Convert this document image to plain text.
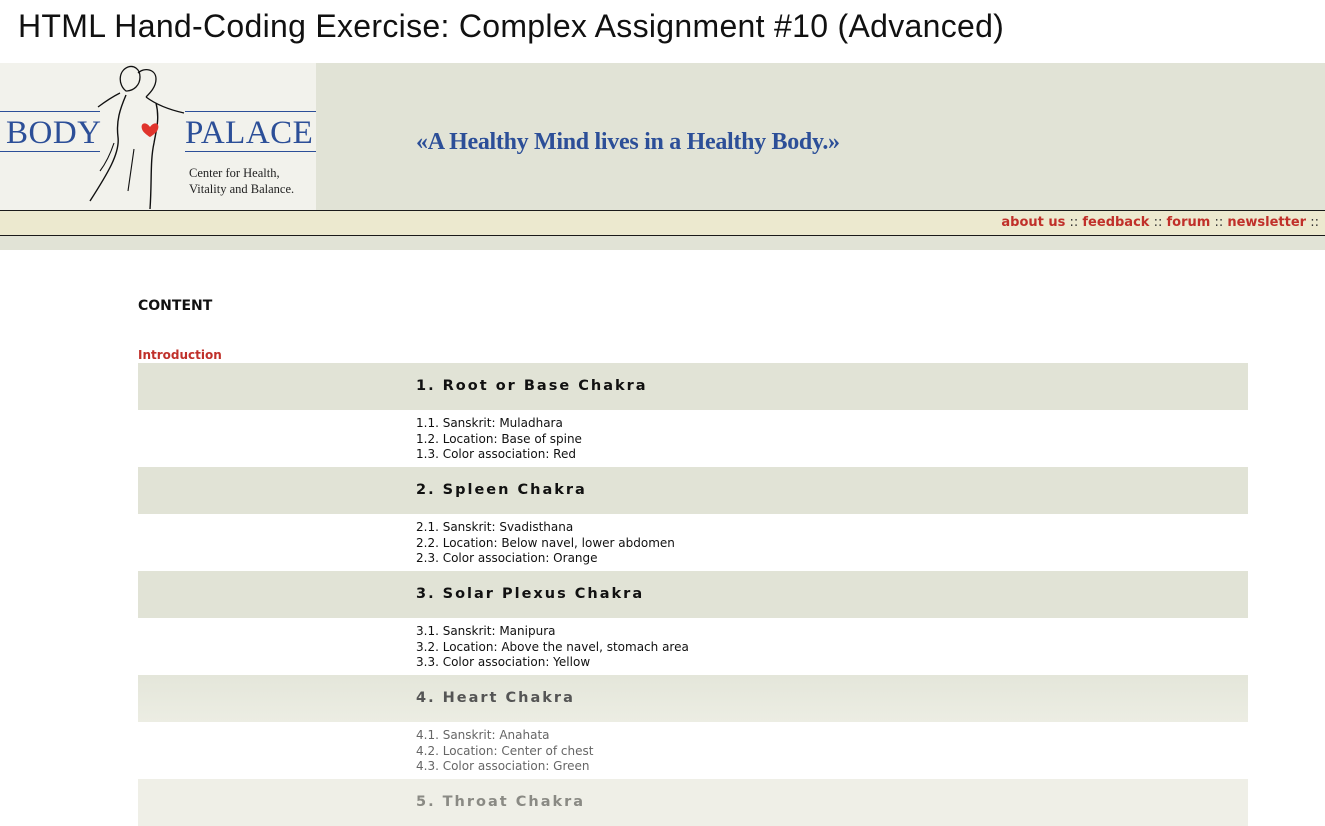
HTML Hand-Coding Exercise: Complex Assignment #10 (Advanced)
BODY	PALACE
Center for Health,
Vitality and Balance.
«A Healthy Mind lives in a Healthy Body.»
about us :: feedback :: forum :: newsletter ::
CONTENT
Introduction
1. Root or Base Chakra
1.1. Sanskrit: Muladhara
1.2. Location: Base of spine
1.3. Color association: Red
2. Spleen Chakra
2.1. Sanskrit: Svadisthana
2.2. Location: Below navel, lower abdomen
2.3. Color association: Orange
3. Solar Plexus Chakra
3.1. Sanskrit: Manipura
3.2. Location: Above the navel, stomach area
3.3. Color association: Yellow
4. Heart Chakra
4.1. Sanskrit: Anahata
4.2. Location: Center of chest
4.3. Color association: Green
5. Throat Chakra
